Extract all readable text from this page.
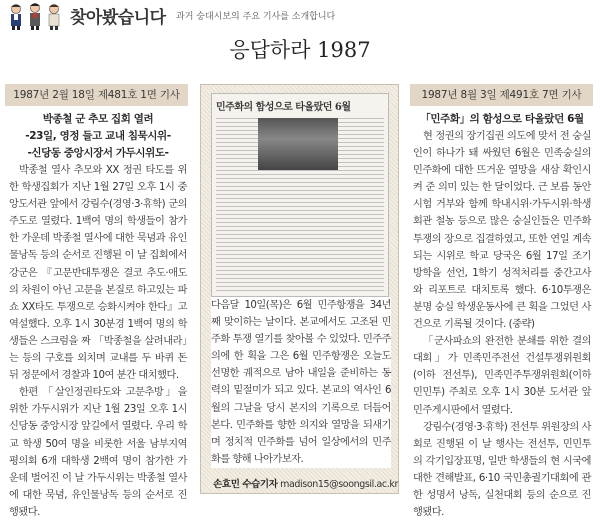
찾아봤습니다 과거 숭대시보의 주요 기사를 소개합니다
응답하라 1987
1987년 2월 18일 제481호 1면 기사
박종철 군 추모 집회 열려
-23일, 영정 들고 교내 침묵시위-
-신당동 중앙시장서 가두시위도-

박종철 열사 추모와 XX 정권 타도를 위한 학생집회가 지난 1월 27일 오후 1시 중앙도서관 앞에서 강림수(경영·3·휴학) 군의 주도로 열렸다. 1백여 명의 학생들이 참가한 가운데 박종철 열사에 대한 묵념과 유인물낭독 등의 순서로 진행된 이 날 집회에서 강군은 『고문반대투쟁은 결코 추도·애도의 차원이 아닌 고문을 본질로 하고있는 파쇼 XX타도 투쟁으로 승화시켜야 한다』고 역설했다. 오후 1시 30분경 1백여 명의 학생들은 스크럼을 짜 「박종철을 살려내라」는 등의 구호를 외치며 교내를 두 바퀴 돈 뒤 정문에서 경찰과 10여 분간 대치했다.

한편 「살인정권타도와 고문추방」을 위한 가두시위가 지난 1월 23일 오후 1시 신당동 중앙시장 앞길에서 열렸다. 우리 학교 학생 50여 명을 비롯한 서울 남부지역 평의회 6개 대학생 2백여 명이 참가한 가운데 벌어진 이 날 가두시위는 박종철 열사에 대한 묵념, 유인물낭독 등의 순서로 진행됐다.

민주화의 함성으로 타올랐던 6월

다음달 10일(목)은 6월 민주항쟁을 34년 째 맞이하는 날이다. 본교에서도 고조된 민주화 투쟁 열기를 찾아볼 수 있었다. 민주주의에 한 획을 그은 6월 민주항쟁은 오늘도 선명한 궤적으로 남아 내일을 준비하는 동력의 밑절미가 되고 있다. 본교의 역사인 6월의 그날을 당시 본지의 기록으로 더듬어 본다. 민주화를 향한 의지와 열망을 되새기며 정치적 민주화를 넘어 일상에서의 민주화를 향해 나아가보자.

손효민 수습기자 madison15@soongsil.ac.kr
1987년 8월 3일 제491호 7면 기사
「민주화」의 함성으로 타올랐던 6월

현 정권의 장기집권 의도에 맞서 전 숭실인이 하나가 돼 싸웠던 6월은 민족숭실의 민주화에 대한 뜨거운 열망을 새삼 확인시켜 준 의미 있는 한 달이었다. 근 보름 동안 시험 거부와 함께 학내시위·가두시위·학생회관 철농 등으로 많은 숭실인들은 민주화 투쟁의 장으로 집결하였고, 또한 연일 계속되는 시위로 학교 당국은 6월 17일 조기 방학을 선언, 1학기 성적처리를 중간고사와 리포트로 대치토록 했다. 6·10투쟁은 분명 숭실 학생운동사에 큰 획을 그었던 사건으로 기록될 것이다. (중략)

「군사파쇼의 완전한 분쇄를 위한 결의대회」가 민족민주전선 건설투쟁위원회(이하 전선투), 민족민주투쟁위원회(이하 민민투) 주최로 오후 1시 30분 도서관 앞 민주게시판에서 열렸다.

강림수(경영·3·휴학) 전선투 위원장의 사회로 진행된 이 날 행사는 전선투, 민민투의 각기입장표명, 일반 학생들의 현 시국에 대한 견해발표, 6·10 국민총궐기대회에 관한 성명서 낭독, 실천대회 등의 순으로 진행됐다.
